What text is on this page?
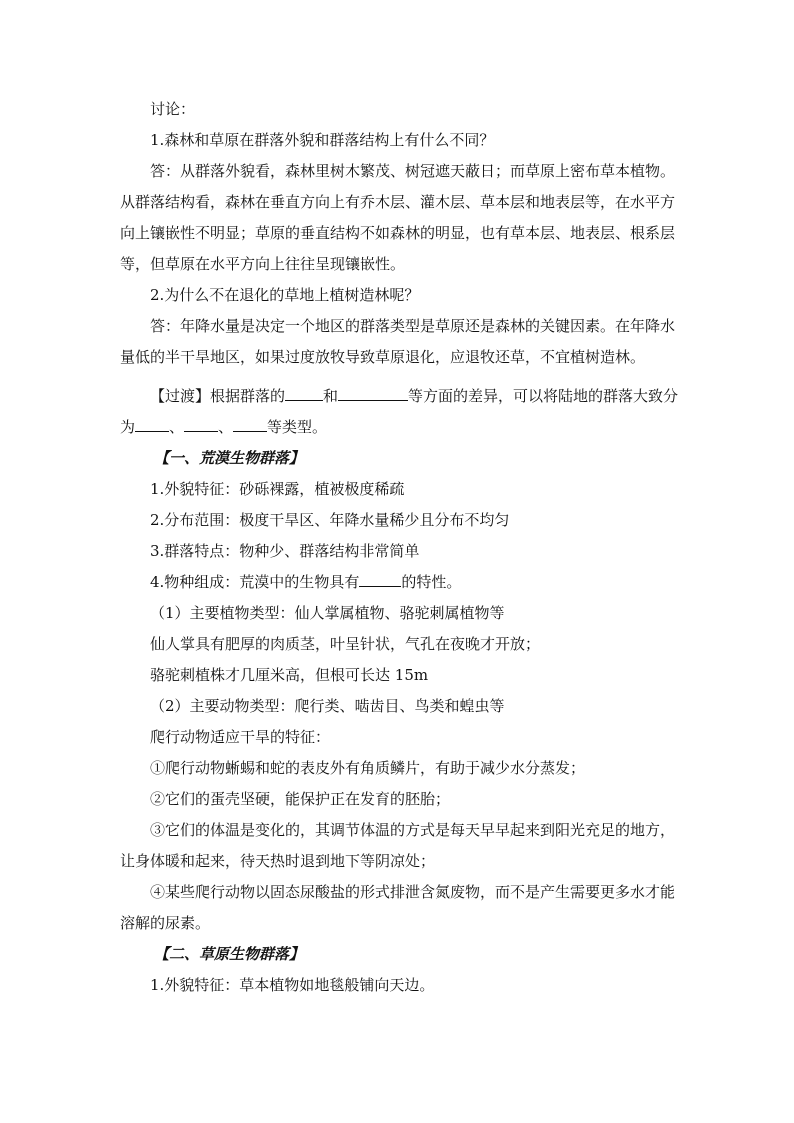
讨论：

1.森林和草原在群落外貌和群落结构上有什么不同？

答：从群落外貌看，森林里树木繁茂、树冠遮天蔽日；而草原上密布草本植物。从群落结构看，森林在垂直方向上有乔木层、灌木层、草本层和地表层等，在水平方向上镶嵌性不明显；草原的垂直结构不如森林的明显，也有草本层、地表层、根系层等，但草原在水平方向上往往呈现镶嵌性。

2.为什么不在退化的草地上植树造林呢？

答：年降水量是决定一个地区的群落类型是草原还是森林的关键因素。在年降水量低的半干旱地区，如果过度放牧导致草原退化，应退牧还草，不宜植树造林。

【过渡】根据群落的	和	等方面的差异，可以将陆地的群落大致分为 、 、 等类型。

【一、荒漠生物群落】

1.外貌特征：砂砾裸露，植被极度稀疏

2.分布范围：极度干旱区、年降水量稀少且分布不均匀

3.群落特点：物种少、群落结构非常简单

4.物种组成：荒漠中的生物具有	的特性。

（1）主要植物类型：仙人掌属植物、骆驼刺属植物等

仙人掌具有肥厚的肉质茎，叶呈针状，气孔在夜晚才开放；

骆驼刺植株才几厘米高，但根可长达 15m

（2）主要动物类型：爬行类、啮齿目、鸟类和蝗虫等

爬行动物适应干旱的特征：

①爬行动物蜥蜴和蛇的表皮外有角质鳞片，有助于减少水分蒸发；

②它们的蛋壳坚硬，能保护正在发育的胚胎；

③它们的体温是变化的，其调节体温的方式是每天早早起来到阳光充足的地方，让身体暖和起来，待天热时退到地下等阴凉处；

④某些爬行动物以固态尿酸盐的形式排泄含氮废物，而不是产生需要更多水才能溶解的尿素。

【二、草原生物群落】

1.外貌特征：草本植物如地毯般铺向天边。
